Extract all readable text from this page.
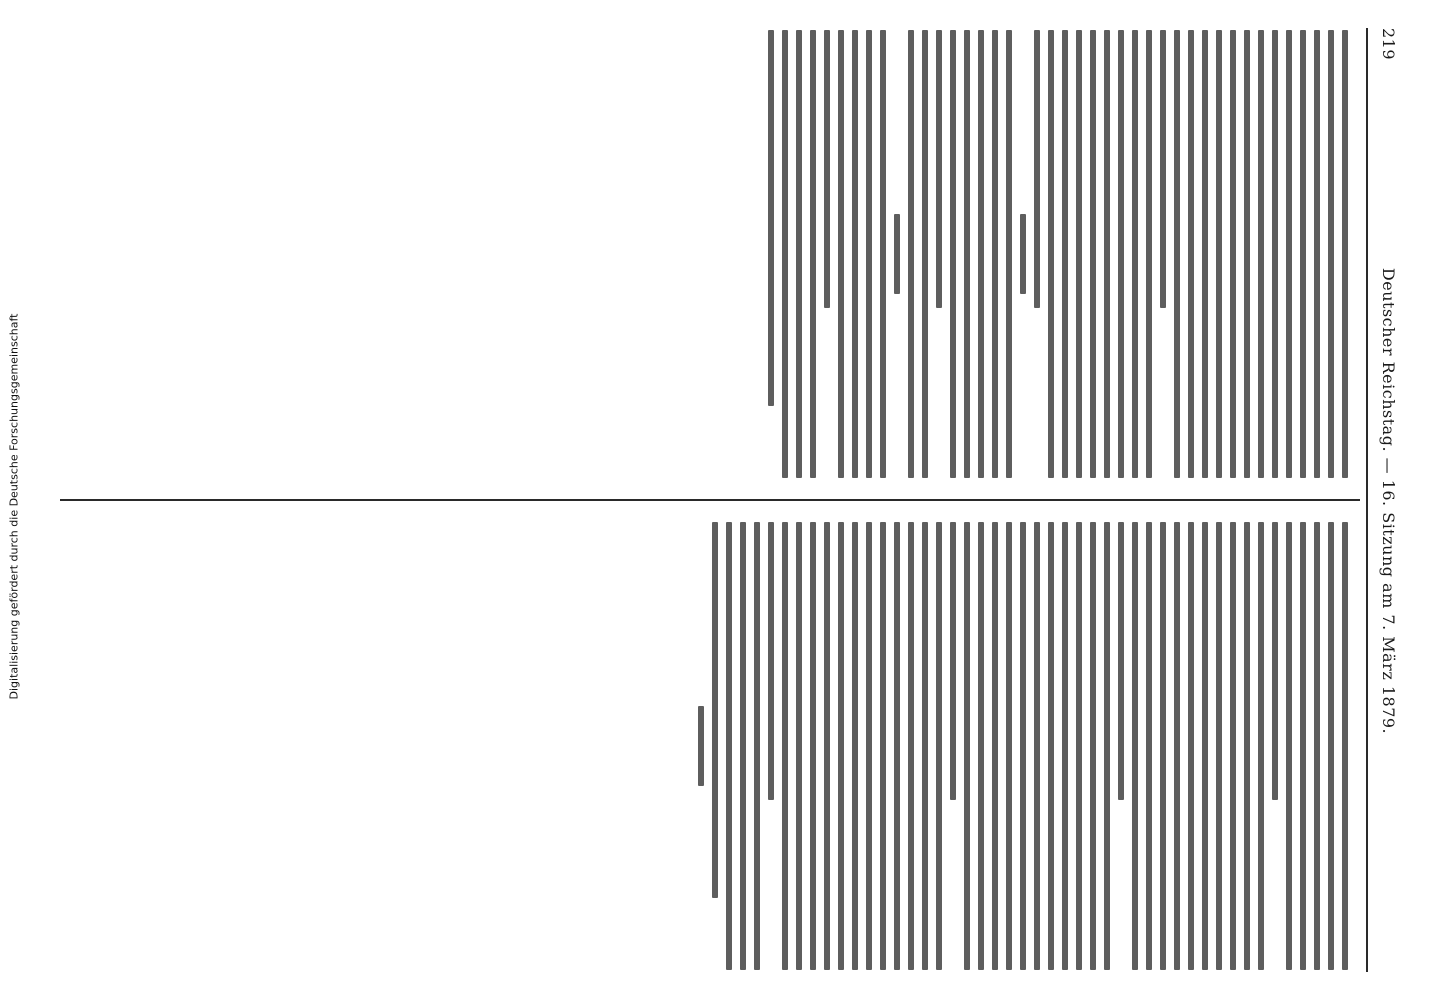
Digitalisierung gefördert durch die Deutsche Forschungsgemeinschaft
219
Deutscher Reichstag. — 16. Sitzung am 7. März 1879.
